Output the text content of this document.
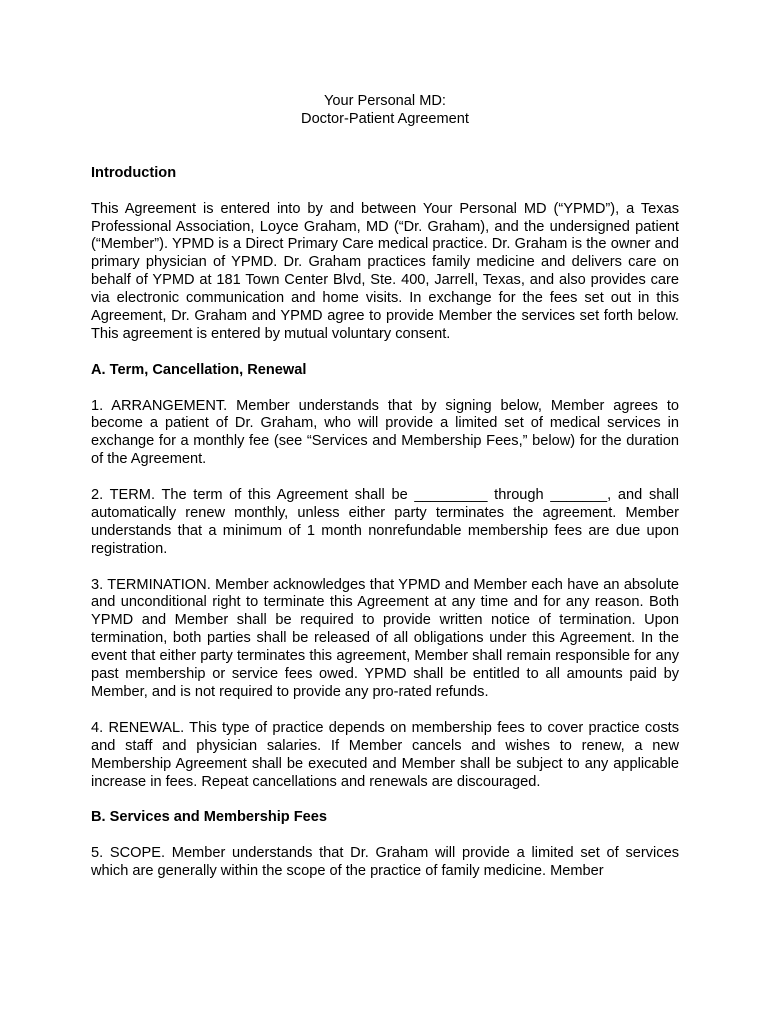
Your Personal MD:
Doctor-Patient Agreement

Introduction

This Agreement is entered into by and between Your Personal MD (“YPMD”), a Texas Professional Association, Loyce Graham, MD (“Dr. Graham), and the undersigned patient (“Member”). YPMD is a Direct Primary Care medical practice. Dr. Graham is the owner and primary physician of YPMD. Dr. Graham practices family medicine and delivers care on behalf of YPMD at 181 Town Center Blvd, Ste. 400, Jarrell, Texas, and also provides care via electronic communication and home visits. In exchange for the fees set out in this Agreement, Dr. Graham and YPMD agree to provide Member the services set forth below. This agreement is entered by mutual voluntary consent.

A. Term, Cancellation, Renewal

1. ARRANGEMENT. Member understands that by signing below, Member agrees to become a patient of Dr. Graham, who will provide a limited set of medical services in exchange for a monthly fee (see “Services and Membership Fees,” below) for the duration of the Agreement.

2. TERM. The term of this Agreement shall be _________ through _______, and shall automatically renew monthly, unless either party terminates the agreement. Member understands that a minimum of 1 month nonrefundable membership fees are due upon registration.

3. TERMINATION. Member acknowledges that YPMD and Member each have an absolute and unconditional right to terminate this Agreement at any time and for any reason. Both YPMD and Member shall be required to provide written notice of termination. Upon termination, both parties shall be released of all obligations under this Agreement. In the event that either party terminates this agreement, Member shall remain responsible for any past membership or service fees owed. YPMD shall be entitled to all amounts paid by Member, and is not required to provide any pro-rated refunds.

4. RENEWAL. This type of practice depends on membership fees to cover practice costs and staff and physician salaries. If Member cancels and wishes to renew, a new Membership Agreement shall be executed and Member shall be subject to any applicable increase in fees. Repeat cancellations and renewals are discouraged.

B. Services and Membership Fees

5. SCOPE. Member understands that Dr. Graham will provide a limited set of services which are generally within the scope of the practice of family medicine. Member
